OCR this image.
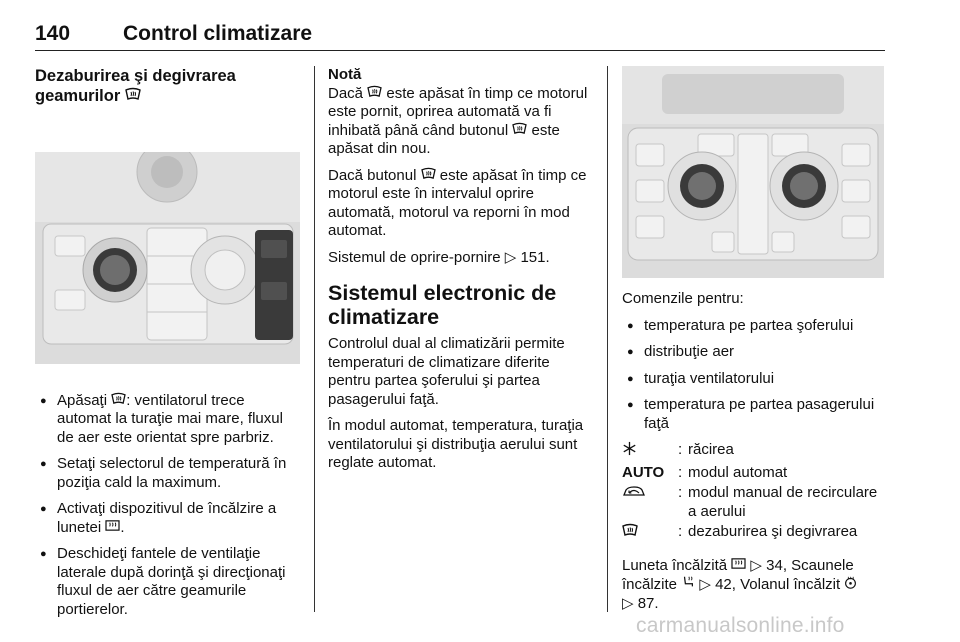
140	Control climatizare
Dezaburirea şi degivrarea
geamurilor
● Apăsaţi : ventilatorul trece automat la turaţie mai mare, fluxul de aer este orientat spre parbriz.
● Setaţi selectorul de temperatură în poziţia cald la maximum.
● Activaţi dispozitivul de încălzire a lunetei .
● Deschideţi fantele de ventilaţie laterale după dorinţă şi direcţionaţi fluxul de aer către geamurile portierelor.

Notă

Dacă  este apăsat în timp ce motorul este pornit, oprirea automată va fi inhibată până când butonul  este apăsat din nou.

Dacă butonul  este apăsat în timp ce motorul este în intervalul oprire automată, motorul va reporni în mod automat.

Sistemul de oprire-pornire ▷ 151.

Sistemul electronic de climatizare

Controlul dual al climatizării permite temperaturi de climatizare diferite pentru partea şoferului şi partea pasagerului faţă.

În modul automat, temperatura, turaţia ventilatorului şi distribuţia aerului sunt reglate automat.

Comenzile pentru:

● temperatura pe partea şoferului
● distribuţie aer
● turaţia ventilatorului
● temperatura pe partea pasagerului faţă
: răcirea
AUTO : modul automat
: modul manual de recirculare a aerului
: dezaburirea şi degivrarea

Luneta încălzită  ▷ 34, Scaunele încălzite  ▷ 42, Volanul încălzit
▷ 87.

carmanualsonline.info
